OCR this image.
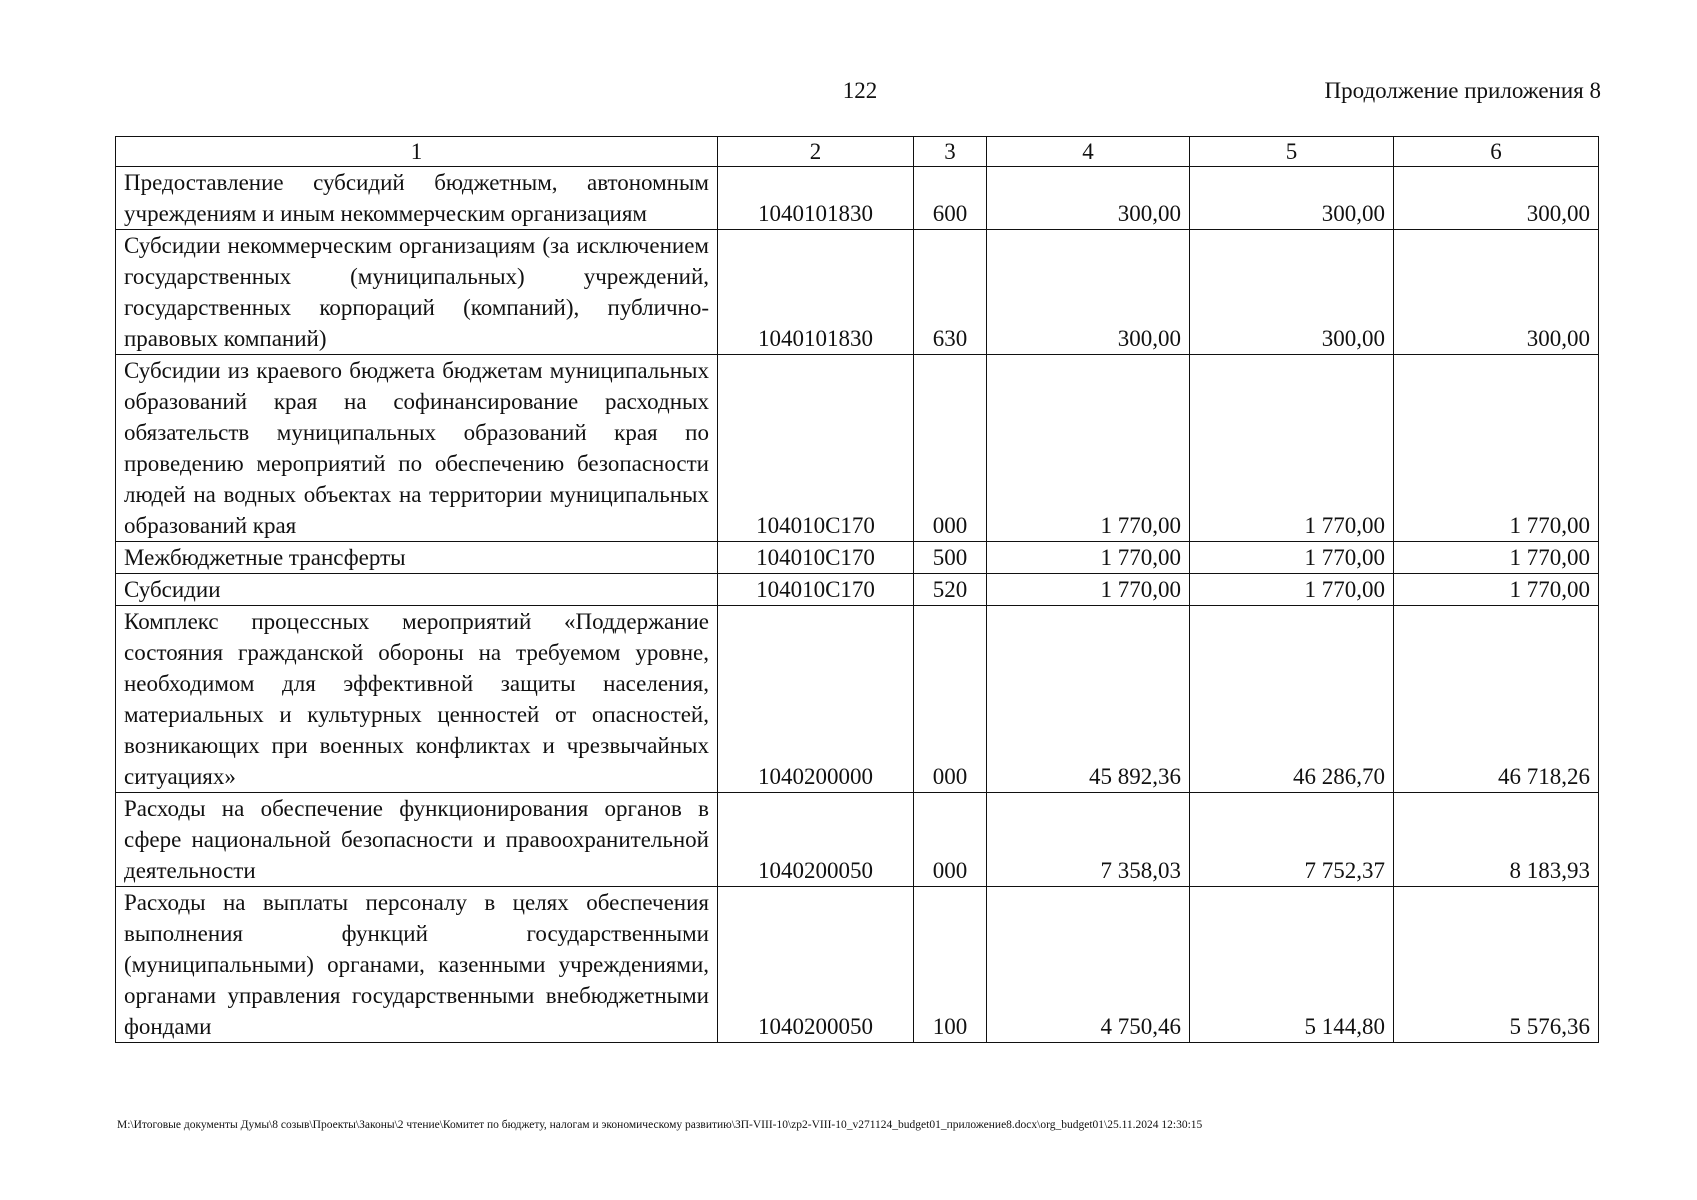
122	Продолжение приложения 8
1	2	3	4	5	6
Предоставление субсидий бюджетным, автономным учреждениям и иным некоммерческим организациям	1040101830	600	300,00	300,00	300,00
Субсидии некоммерческим организациям (за исключением государственных (муниципальных) учреждений, государственных корпораций (компаний), публично-правовых компаний)	1040101830	630	300,00	300,00	300,00
Субсидии из краевого бюджета бюджетам муниципальных образований края на софинансирование расходных обязательств муниципальных образований края по проведению мероприятий по обеспечению безопасности людей на водных объектах на территории муниципальных образований края	104010С170	000	1 770,00	1 770,00	1 770,00
Межбюджетные трансферты	104010С170	500	1 770,00	1 770,00	1 770,00
Субсидии	104010С170	520	1 770,00	1 770,00	1 770,00
Комплекс процессных мероприятий «Поддержание состояния гражданской обороны на требуемом уровне, необходимом для эффективной защиты населения, материальных и культурных ценностей от опасностей, возникающих при военных конфликтах и чрезвычайных ситуациях»	1040200000	000	45 892,36	46 286,70	46 718,26
Расходы на обеспечение функционирования органов в сфере национальной безопасности и правоохранительной деятельности	1040200050	000	7 358,03	7 752,37	8 183,93
Расходы на выплаты персоналу в целях обеспечения выполнения функций государственными (муниципальными) органами, казенными учреждениями, органами управления государственными внебюджетными фондами	1040200050	100	4 750,46	5 144,80	5 576,36
M:\Итоговые документы Думы\8 созыв\Проекты\Законы\2 чтение\Комитет по бюджету, налогам и экономическому развитию\ЗП-VIII-10\zp2-VIII-10_v271124_budget01_приложение8.docx\org_budget01\25.11.2024 12:30:15
